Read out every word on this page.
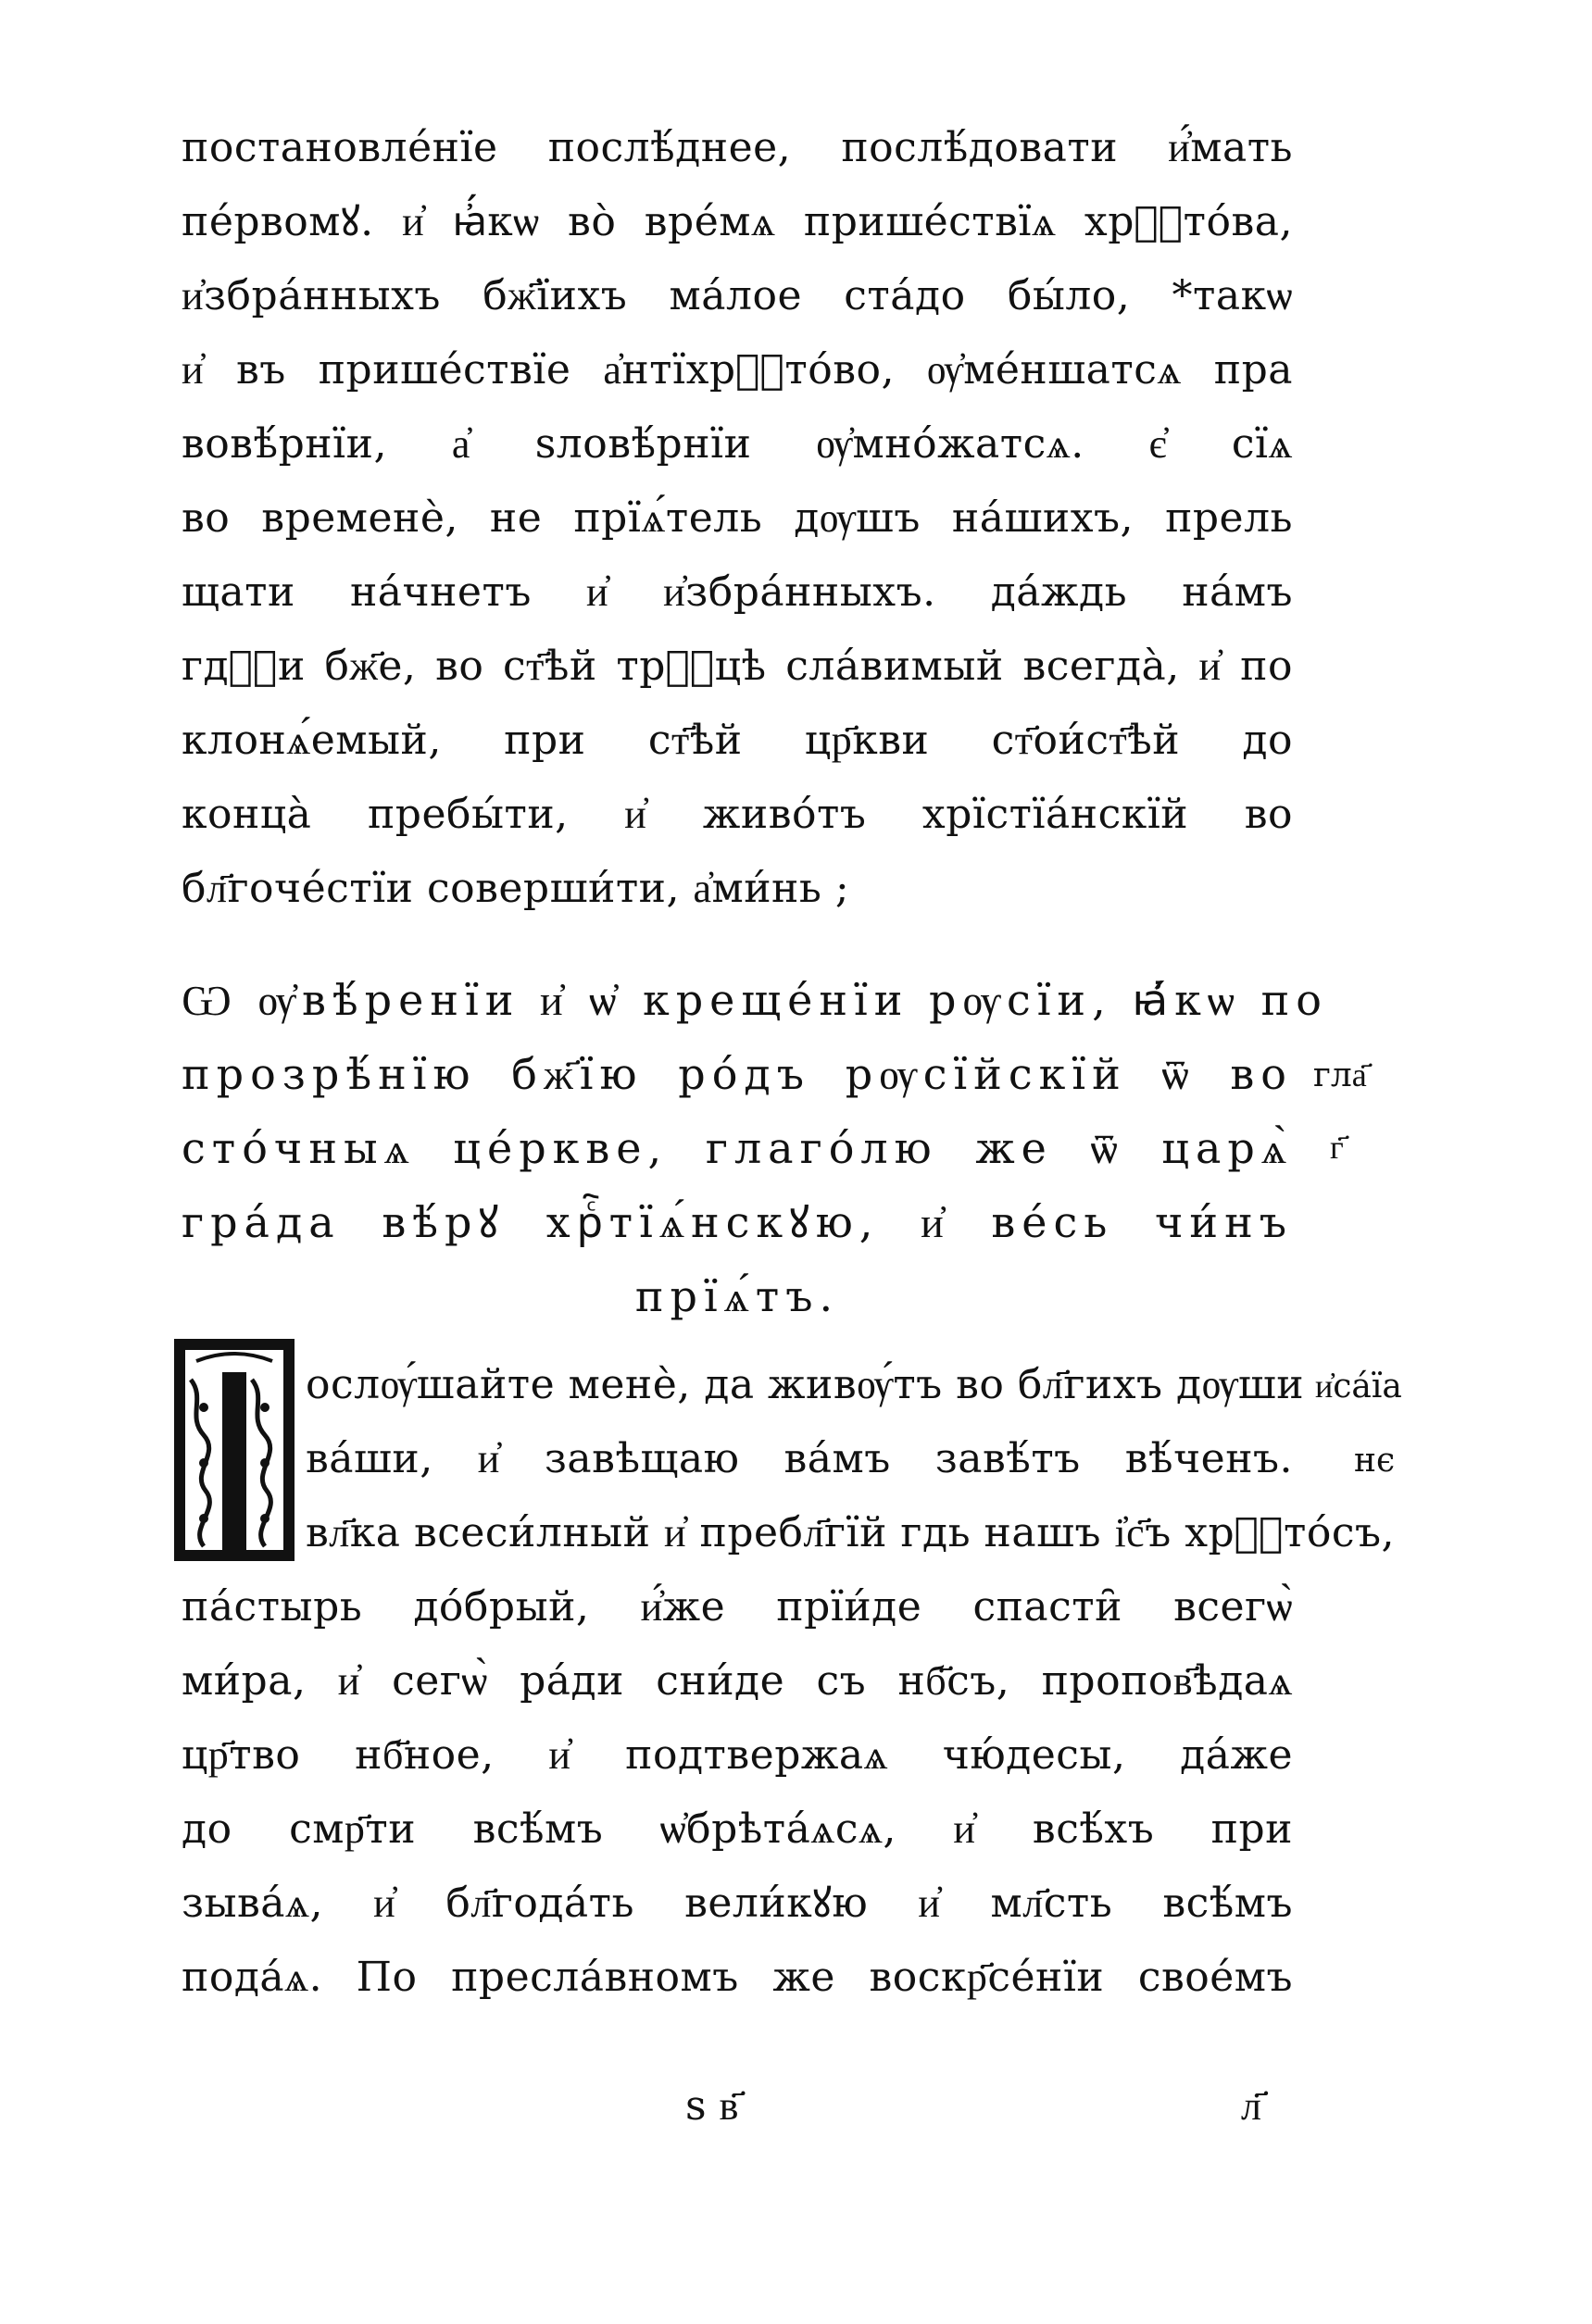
постановлéнїе послѣ́днее, послѣ́довати и҆́мать
пéрвомꙋ. и҆ ꙗ҆́кѡ во̀ врéмѧ пришéствїѧ хрⷭ҇то́ва,
и҆збра́нныхъ бж҃їихъ ма́лое ста́до бы́ло, *такѡ
и҆ въ пришéствїе а҆нтїхрⷭ҇то́во, ѹ҆мéншатсѧ пра
вовѣ́рнїи, а҆ ѕловѣ́рнїи ѹ҆мно́жатсѧ. є҆ сїѧ
во временѐ, не прїѧ́тель дѹшъ на́шихъ, прель
щати на́чнетъ и҆ и҆збра́нныхъ. да́ждь на́мъ
гдⷭ҇и бж҃е, во ст҃ѣй трⷪ҇цѣ сла́вимый всегда̀, и҆ по
клонѧ́емый, при ст҃ѣй цр҃кви ст҃ои́ст҃ѣй до
конца̀ пребы́ти, и҆ живо́тъ хрїстїа́нскїй во
бл҃гочéстїи соверши́ти, а҆ми́нь ;
Ѡ ѹ҆вѣ́ренїи и҆ ѡ҆ крещéнїи рѹсїи, ꙗ҆́кѡ по
прозрѣ́нїю бж҃їю ро́дъ рѹсїйскїй ѿ во
сто́чныѧ цéркве, глаго́лю же ѿ царѧ̀
гра́да вѣ́рꙋ хрⷭ҇тїѧ́нскꙋю, и҆ вéсь чи́нъ
прїѧ́тъ.
гла҃
г҃
ослѹ́шайте менѐ, да живѹ́тъ во бл҃гихъ дѹши
ва́ши, и҆ завѣщаю ва́мъ завѣ́тъ вѣ́ченъ.
вл҃ка всеси́лный и҆ пребл҃гїй гдь нашъ і҆с҃ъ хрⷭ҇то́съ,
па́стырь до́брый, и҆́же прїи́де спасти̑ всегѡ̀
ми́ра, и҆ сегѡ̀ ра́ди сни́де съ нб҃съ, пропов҃ѣдаѧ
цр҃тво нб҃ное, и҆ подтвержаѧ чю́десы, да́же
до смр҃ти всѣ́мъ ѡ҆брѣта́ѧсѧ, и҆ всѣ́хъ при
зыва́ѧ, и҆ бл҃года́ть вели́кꙋю и҆ мл҃сть всѣ́мъ
пода́ѧ. По пресла́вномъ же воскр҃сéнїи своéмъ
и҆са́їа
нє
ѕ в҃	л҃
